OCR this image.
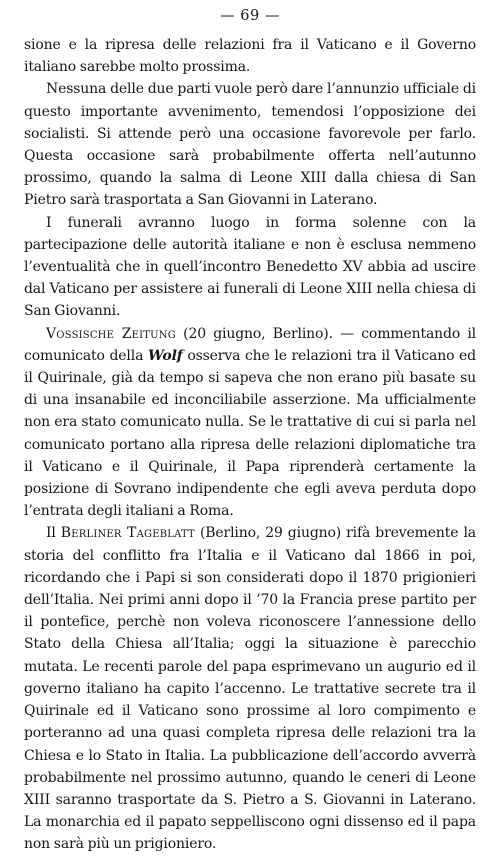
— 69 —

sione e la ripresa delle relazioni fra il Vaticano e il Governo italiano sarebbe molto prossima.

Nessuna delle due parti vuole però dare l’annunzio ufficiale di questo importante avvenimento, temendosi l’opposizione dei socialisti. Si attende però una occasione favorevole per farlo. Questa occasione sarà probabilmente offerta nell’autunno prossimo, quando la salma di Leone XIII dalla chiesa di San Pietro sarà trasportata a San Giovanni in Laterano.

I funerali avranno luogo in forma solenne con la partecipazione delle autorità italiane e non è esclusa nemmeno l’eventualità che in quell’incontro Benedetto XV abbia ad uscire dal Vaticano per assistere ai funerali di Leone XIII nella chiesa di San Giovanni.

Vossische Zeitung (20 giugno, Berlino). — commentando il comunicato della Wolf osserva che le relazioni tra il Vaticano ed il Quirinale, già da tempo si sapeva che non erano più basate su di una insanabile ed inconciliabile asserzione. Ma ufficialmente non era stato comunicato nulla. Se le trattative di cui si parla nel comunicato portano alla ripresa delle relazioni diplomatiche tra il Vaticano e il Quirinale, il Papa riprenderà certamente la posizione di Sovrano indipendente che egli aveva perduta dopo l’entrata degli italiani a Roma.

Il Berliner Tageblatt (Berlino, 29 giugno) rifà brevemente la storia del conflitto fra l’Italia e il Vaticano dal 1866 in poi, ricordando che i Papi si son considerati dopo il 1870 prigionieri dell’Italia. Nei primi anni dopo il ’70 la Francia prese partito per il pontefice, perchè non voleva riconoscere l’annessione dello Stato della Chiesa all’Italia; oggi la situazione è parecchio mutata. Le recenti parole del papa esprimevano un augurio ed il governo italiano ha capito l’accenno. Le trattative secrete tra il Quirinale ed il Vaticano sono prossime al loro compimento e porteranno ad una quasi completa ripresa delle relazioni tra la Chiesa e lo Stato in Italia. La pubblicazione dell’accordo avverrà probabilmente nel prossimo autunno, quando le ceneri di Leone XIII saranno trasportate da S. Pietro a S. Giovanni in Laterano. La monarchia ed il papato seppelliscono ogni dissenso ed il papa non sarà più un prigioniero.
